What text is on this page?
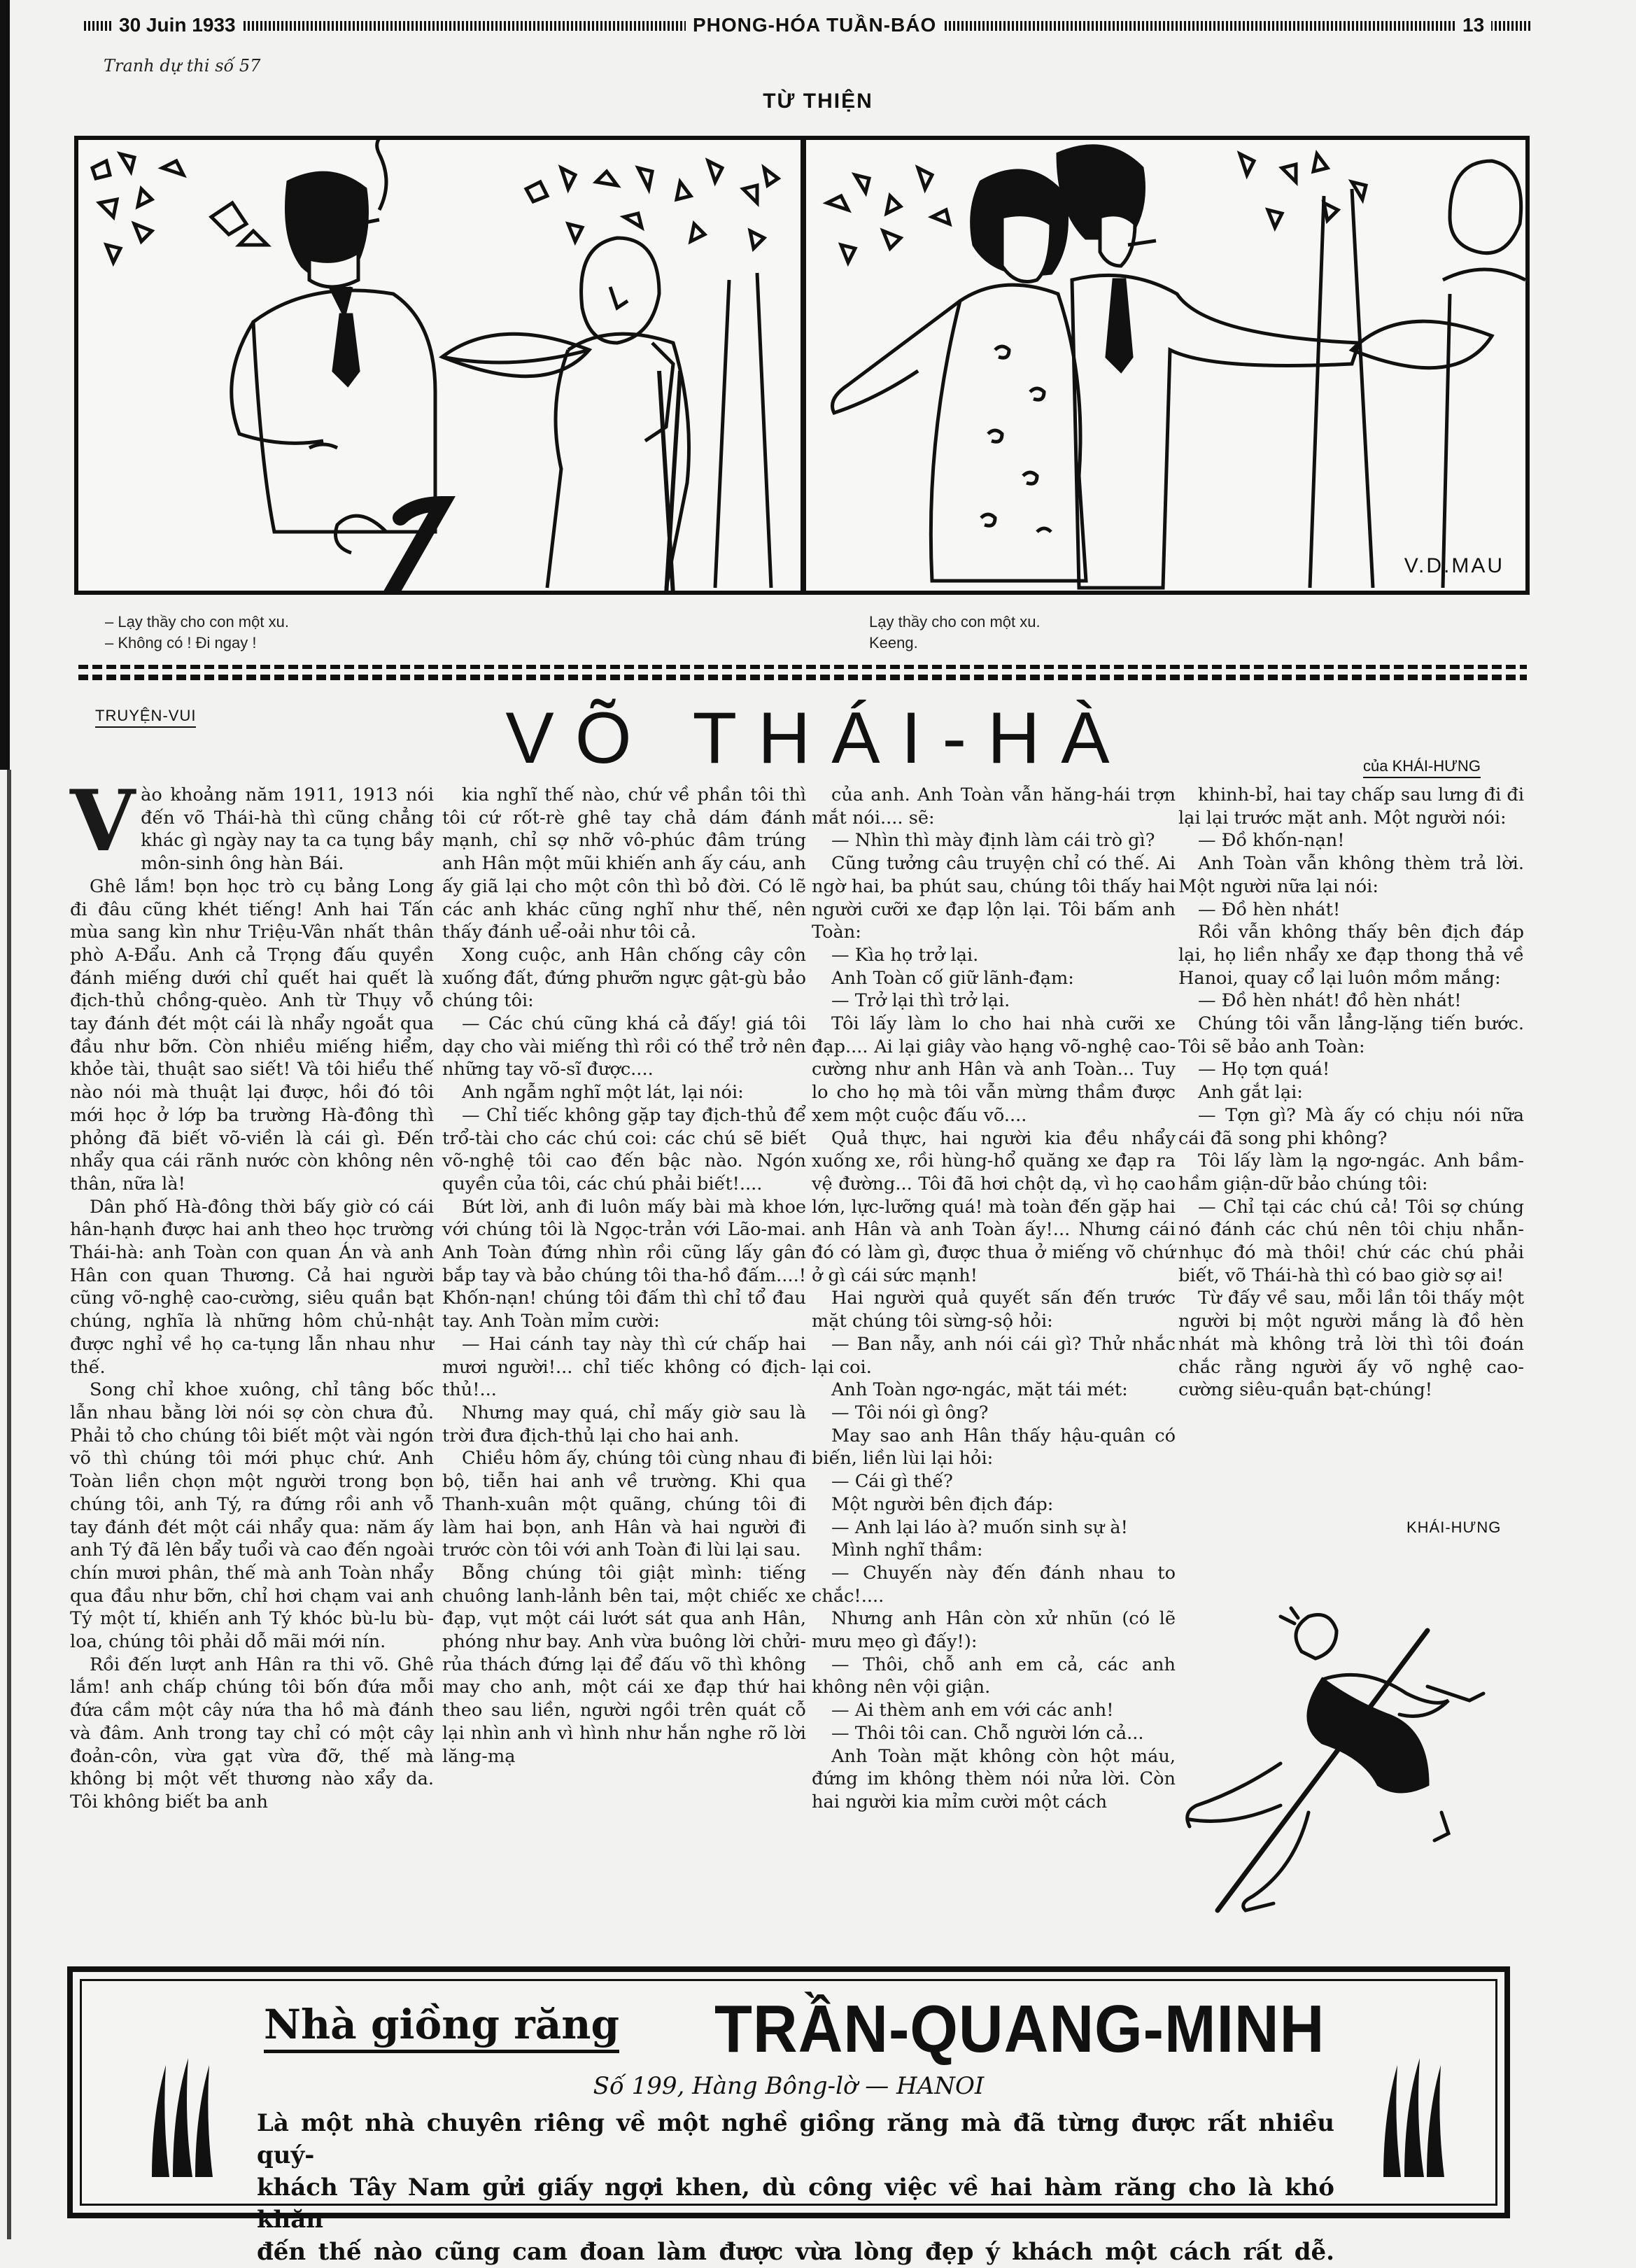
30 Juin 1933	PHONG-HÓA TUẦN-BÁO	13
Tranh dự thi số 57
TỪ THIỆN
V.D.MAU
– Lạy thầy cho con một xu.
– Không có ! Đi ngay !
Lạy thầy cho con một xu.
Keeng.
TRUYỆN-VUI	VÕ THÁI-HÀ	của KHÁI-HƯNG
V ào khoảng năm 1911, 1913 nói đến võ Thái-hà thì cũng chẳng khác gì ngày nay ta ca tụng bầy môn-sinh ông hàn Bái.

Ghê lắm! bọn học trò cụ bảng Long đi đâu cũng khét tiếng! Anh hai Tấn mùa sang kìn như Triệu-Vân nhất thân phò A-Đẩu. Anh cả Trọng đấu quyền đánh miếng dưới chỉ quết hai quết là địch-thủ chồng-quèo. Anh từ Thụy vỗ tay đánh đét một cái là nhẩy ngoắt qua đầu như bỡn. Còn nhiều miếng hiểm, khỏe tài, thuật sao siết! Và tôi hiểu thế nào nói mà thuật lại được, hồi đó tôi mới học ở lớp ba trường Hà-đông thì phỏng đã biết võ-viền là cái gì. Đến nhẩy qua cái rãnh nước còn không nên thân, nữa là!

Dân phố Hà-đông thời bấy giờ có cái hân-hạnh được hai anh theo học trường Thái-hà: anh Toàn con quan Án và anh Hân con quan Thương. Cả hai người cũng võ-nghệ cao-cường, siêu quần bạt chúng, nghĩa là những hôm chủ-nhật được nghỉ về họ ca-tụng lẫn nhau như thế.

Song chỉ khoe xuông, chỉ tâng bốc lẫn nhau bằng lời nói sợ còn chưa đủ. Phải tỏ cho chúng tôi biết một vài ngón võ thì chúng tôi mới phục chứ. Anh Toàn liền chọn một người trong bọn chúng tôi, anh Tý, ra đứng rồi anh vỗ tay đánh đét một cái nhẩy qua: năm ấy anh Tý đã lên bẩy tuổi và cao đến ngoài chín mươi phân, thế mà anh Toàn nhẩy qua đầu như bỡn, chỉ hơi chạm vai anh Tý một tí, khiến anh Tý khóc bù-lu bù-loa, chúng tôi phải dỗ mãi mới nín.

Rồi đến lượt anh Hân ra thi võ. Ghê lắm! anh chấp chúng tôi bốn đứa mỗi đứa cầm một cây nứa tha hồ mà đánh và đâm. Anh trong tay chỉ có một cây đoản-côn, vừa gạt vừa đỡ, thế mà không bị một vết thương nào xẩy da. Tôi không biết ba anh

kia nghĩ thế nào, chứ về phần tôi thì tôi cứ rốt-rè ghê tay chả dám đánh mạnh, chỉ sợ nhỡ vô-phúc đâm trúng anh Hân một mũi khiến anh ấy cáu, anh ấy giã lại cho một côn thì bỏ đời. Có lẽ các anh khác cũng nghĩ như thế, nên thấy đánh uể-oải như tôi cả.

Xong cuộc, anh Hân chống cây côn xuống đất, đứng phưỡn ngực gật-gù bảo chúng tôi:

— Các chú cũng khá cả đấy! giá tôi dạy cho vài miếng thì rồi có thể trở nên những tay võ-sĩ được....

Anh ngẫm nghĩ một lát, lại nói:

— Chỉ tiếc không gặp tay địch-thủ để trổ-tài cho các chú coi: các chú sẽ biết võ-nghệ tôi cao đến bậc nào. Ngón quyền của tôi, các chú phải biết!....

Bứt lời, anh đi luôn mấy bài mà khoe với chúng tôi là Ngọc-trản với Lão-mai. Anh Toàn đứng nhìn rồi cũng lấy gân bắp tay và bảo chúng tôi tha-hồ đấm....! Khốn-nạn! chúng tôi đấm thì chỉ tổ đau tay. Anh Toàn mỉm cười:

— Hai cánh tay này thì cứ chấp hai mươi người!... chỉ tiếc không có địch-thủ!...

Nhưng may quá, chỉ mấy giờ sau là trời đưa địch-thủ lại cho hai anh.

Chiều hôm ấy, chúng tôi cùng nhau đi bộ, tiễn hai anh về trường. Khi qua Thanh-xuân một quãng, chúng tôi đi làm hai bọn, anh Hân và hai người đi trước còn tôi với anh Toàn đi lùi lại sau.

Bỗng chúng tôi giật mình: tiếng chuông lanh-lảnh bên tai, một chiếc xe đạp, vụt một cái lướt sát qua anh Hân, phóng như bay. Anh vừa buông lời chửi-rủa thách đứng lại để đấu võ thì không may cho anh, một cái xe đạp thứ hai theo sau liền, người ngồi trên quát cỗ lại nhìn anh vì hình như hắn nghe rõ lời lăng-mạ

của anh. Anh Toàn vẫn hăng-hái trợn mắt nói.... sẽ:

— Nhìn thì mày định làm cái trò gì?

Cũng tưởng câu truyện chỉ có thế. Ai ngờ hai, ba phút sau, chúng tôi thấy hai người cưỡi xe đạp lộn lại. Tôi bấm anh Toàn:

— Kìa họ trở lại.

Anh Toàn cố giữ lãnh-đạm:

— Trở lại thì trở lại.

Tôi lấy làm lo cho hai nhà cưỡi xe đạp.... Ai lại giây vào hạng võ-nghệ cao-cường như anh Hân và anh Toàn... Tuy lo cho họ mà tôi vẫn mừng thầm được xem một cuộc đấu võ....

Quả thực, hai người kia đều nhẩy xuống xe, rồi hùng-hổ quăng xe đạp ra vệ đường... Tôi đã hơi chột dạ, vì họ cao lớn, lực-lưỡng quá! mà toàn đến gặp hai anh Hân và anh Toàn ấy!... Nhưng cái đó có làm gì, được thua ở miếng võ chứ ở gì cái sức mạnh!

Hai người quả quyết sấn đến trước mặt chúng tôi sừng-sộ hỏi:

— Ban nẫy, anh nói cái gì? Thử nhắc lại coi.

Anh Toàn ngơ-ngác, mặt tái mét:

— Tôi nói gì ông?

May sao anh Hân thấy hậu-quân có biến, liền lùi lại hỏi:

— Cái gì thế?

Một người bên địch đáp:

— Anh lại láo à? muốn sinh sự à!

Mình nghĩ thầm:

— Chuyến này đến đánh nhau to chắc!....

Nhưng anh Hân còn xử nhũn (có lẽ mưu mẹo gì đấy!):

— Thôi, chỗ anh em cả, các anh không nên vội giận.

— Ai thèm anh em với các anh!

— Thôi tôi can. Chỗ người lớn cả...

Anh Toàn mặt không còn hột máu, đứng im không thèm nói nửa lời. Còn hai người kia mỉm cười một cách

khinh-bỉ, hai tay chấp sau lưng đi đi lại lại trước mặt anh. Một người nói:

— Đồ khốn-nạn!

Anh Toàn vẫn không thèm trả lời. Một người nữa lại nói:

— Đồ hèn nhát!

Rồi vẫn không thấy bên địch đáp lại, họ liền nhẩy xe đạp thong thả về Hanoi, quay cổ lại luôn mồm mắng:

— Đồ hèn nhát! đồ hèn nhát!

Chúng tôi vẫn lẳng-lặng tiến bước. Tôi sẽ bảo anh Toàn:

— Họ tợn quá!

Anh gắt lại:

— Tợn gì? Mà ấy có chịu nói nữa cái đã song phi không?

Tôi lấy làm lạ ngơ-ngác. Anh bầm-hầm giận-dữ bảo chúng tôi:

— Chỉ tại các chú cả! Tôi sợ chúng nó đánh các chú nên tôi chịu nhẫn-nhục đó mà thôi! chứ các chú phải biết, võ Thái-hà thì có bao giờ sợ ai!

Từ đấy về sau, mỗi lần tôi thấy một người bị một người mắng là đồ hèn nhát mà không trả lời thì tôi đoán chắc rằng người ấy võ nghệ cao-cường siêu-quần bạt-chúng!

KHÁI-HƯNG
Nhà giồng răng TRẦN-QUANG-MINH
Số 199, Hàng Bông-lờ — HANOI
Là một nhà chuyên riêng về một nghề giồng răng mà đã từng được rất nhiều quý-
khách Tây Nam gửi giấy ngợi khen, dù công việc về hai hàm răng cho là khó khăn
đến thế nào cũng cam đoan làm được vừa lòng đẹp ý khách một cách rất dễ.
